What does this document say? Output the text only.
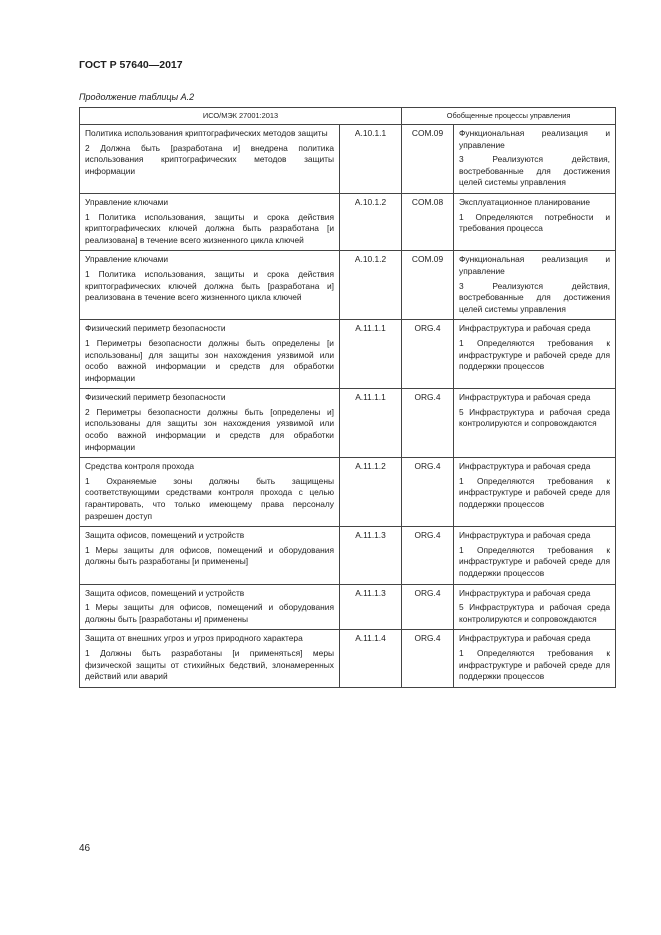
ГОСТ Р 57640—2017
Продолжение таблицы А.2
ИСО/МЭК 27001:2013		Обобщенные процессы управления	

Политика использования криптографических методов защиты
2 Должна быть [разработана и] внедрена политика использования криптографических методов защиты информации	A.10.1.1	COM.09	Функциональная реализация и управление
3 Реализуются действия, востребованные для достижения целей системы управления

Управление ключами
1 Политика использования, защиты и срока действия криптографических ключей должна быть разработана [и реализована] в течение всего жизненного цикла ключей	A.10.1.2	COM.08	Эксплуатационное планирование
1 Определяются потребности и требования процесса

Управление ключами
1 Политика использования, защиты и срока действия криптографических ключей должна быть [разработана и] реализована в течение всего жизненного цикла ключей	A.10.1.2	COM.09	Функциональная реализация и управление
3 Реализуются действия, востребованные для достижения целей системы управления

Физический периметр безопасности
1 Периметры безопасности должны быть определены [и использованы] для защиты зон нахождения уязвимой или особо важной информации и средств для обработки информации	A.11.1.1	ORG.4	Инфраструктура и рабочая среда
1 Определяются требования к инфраструктуре и рабочей среде для поддержки процессов

Физический периметр безопасности
2 Периметры безопасности должны быть [определены и] использованы для защиты зон нахождения уязвимой или особо важной информации и средств для обработки информации	A.11.1.1	ORG.4	Инфраструктура и рабочая среда
5 Инфраструктура и рабочая среда контролируются и сопровождаются

Средства контроля прохода
1 Охраняемые зоны должны быть защищены соответствующими средствами контроля прохода с целью гарантировать, что только имеющему права персоналу разрешен доступ	A.11.1.2	ORG.4	Инфраструктура и рабочая среда
1 Определяются требования к инфраструктуре и рабочей среде для поддержки процессов

Защита офисов, помещений и устройств
1 Меры защиты для офисов, помещений и оборудования должны быть разработаны [и применены]	A.11.1.3	ORG.4	Инфраструктура и рабочая среда
1 Определяются требования к инфраструктуре и рабочей среде для поддержки процессов

Защита офисов, помещений и устройств
1 Меры защиты для офисов, помещений и оборудования должны быть [разработаны и] применены	A.11.1.3	ORG.4	Инфраструктура и рабочая среда
5 Инфраструктура и рабочая среда контролируются и сопровождаются

Защита от внешних угроз и угроз природного характера
1 Должны быть разработаны [и применяться] меры физической защиты от стихийных бедствий, злонамеренных действий или аварий	A.11.1.4	ORG.4	Инфраструктура и рабочая среда
1 Определяются требования к инфраструктуре и рабочей среде для поддержки процессов
46
